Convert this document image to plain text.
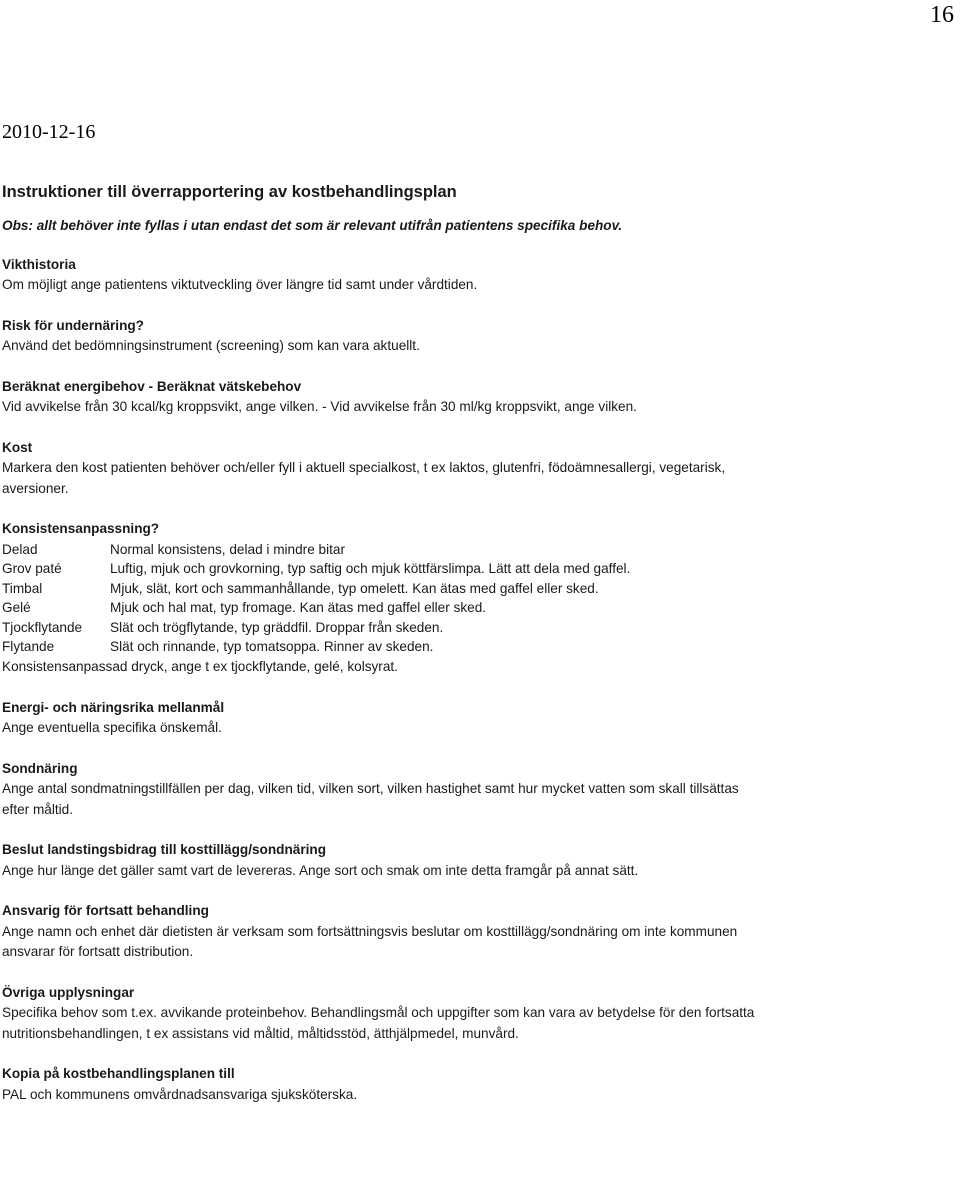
16
2010-12-16
Instruktioner till överrapportering av kostbehandlingsplan

Obs: allt behöver inte fyllas i utan endast det som är relevant utifrån patientens specifika behov.

Vikthistoria

Om möjligt ange patientens viktutveckling över längre tid samt under vårdtiden.

Risk för undernäring?

Använd det bedömningsinstrument (screening) som kan vara aktuellt.

Beräknat energibehov - Beräknat vätskebehov

Vid avvikelse från 30 kcal/kg kroppsvikt, ange vilken. - Vid avvikelse från 30 ml/kg kroppsvikt, ange vilken.

Kost

Markera den kost patienten behöver och/eller fyll i aktuell specialkost, t ex laktos, glutenfri, födoämnesallergi, vegetarisk, aversioner.

Konsistensanpassning?
Delad	Normal konsistens, delad i mindre bitar
Grov paté	Luftig, mjuk och grovkorning, typ saftig och mjuk köttfärslimpa. Lätt att dela med gaffel.
Timbal	Mjuk, slät, kort och sammanhållande, typ omelett. Kan ätas med gaffel eller sked.
Gelé	Mjuk och hal mat, typ fromage. Kan ätas med gaffel eller sked.
Tjockflytande	Slät och trögflytande, typ gräddfil. Droppar från skeden.
Flytande	Slät och rinnande, typ tomatsoppa. Rinner av skeden.

Konsistensanpassad dryck, ange t ex tjockflytande, gelé, kolsyrat.

Energi- och näringsrika mellanmål

Ange eventuella specifika önskemål.

Sondnäring

Ange antal sondmatningstillfällen per dag, vilken tid, vilken sort, vilken hastighet samt hur mycket vatten som skall tillsättas efter måltid.

Beslut landstingsbidrag till kosttillägg/sondnäring

Ange hur länge det gäller samt vart de levereras. Ange sort och smak om inte detta framgår på annat sätt.

Ansvarig för fortsatt behandling

Ange namn och enhet där dietisten är verksam som fortsättningsvis beslutar om kosttillägg/sondnäring om inte kommunen ansvarar för fortsatt distribution.

Övriga upplysningar

Specifika behov som t.ex. avvikande proteinbehov. Behandlingsmål och uppgifter som kan vara av betydelse för den fortsatta nutritionsbehandlingen, t ex assistans vid måltid, måltidsstöd, ätthjälpmedel, munvård.

Kopia på kostbehandlingsplanen till

PAL och kommunens omvårdnadsansvariga sjuksköterska.
